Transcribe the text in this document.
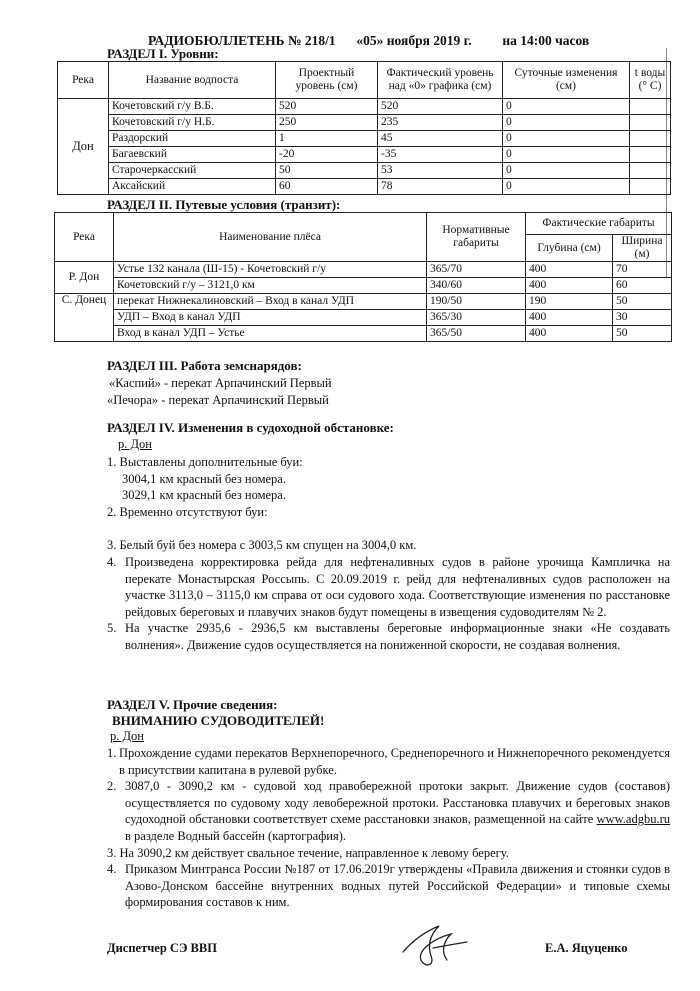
РАДИОБЮЛЛЕТЕНЬ № 218/1 «05» ноября 2019 г. на 14:00 часов
РАЗДЕЛ I. Уровни:
Река	Название водпоста	Проектный уровень (см)	Фактический уровень над «0» графика (см)	Суточные изменения (см)	t воды (° C)
Дон	Кочетовский г/у В.Б.	520	520	0	
	Кочетовский г/у Н.Б.	250	235	0	
	Раздорский	1	45	0	
	Багаевский	-20	-35	0	
	Старочеркасский	50	53	0	
	Аксайский	60	78	0	
РАЗДЕЛ II. Путевые условия (транзит):
Река	Наименование плёса	Нормативные габариты	Фактические габариты	
			Глубина (см)	Ширина (м)
Р. Дон	Устье 132 канала (Ш-15) - Кочетовский г/у	365/70	400	70
	Кочетовский г/у – 3121,0 км	340/60	400	60
С. Донец	перекат Нижнекалиновский – Вход в канал УДП	190/50	190	50
	УДП – Вход в канал УДП	365/30	400	30
	Вход в канал УДП – Устье	365/50	400	50
РАЗДЕЛ III. Работа земснарядов:
«Каспий» - перекат Арпачинский Первый
«Печора» - перекат Арпачинский Первый
РАЗДЕЛ IV. Изменения в судоходной обстановке:
р. Дон
1. Выставлены дополнительные буи:
3004,1 км красный без номера.
3029,1 км красный без номера.
2. Временно отсутствуют буи:
3. Белый буй без номера с 3003,5 км спущен на 3004,0 км.
4. Произведена корректировка рейда для нефтеналивных судов в районе урочища Кампличка на перекате Монастырская Россыпь. С 20.09.2019 г. рейд для нефтеналивных судов расположен на участке 3113,0 – 3115,0 км справа от оси судового хода. Соответствующие изменения по расстановке рейдовых береговых и плавучих знаков будут помещены в извещения судоводителям № 2.
5. На участке 2935,6 - 2936,5 км выставлены береговые информационные знаки «Не создавать волнения». Движение судов осуществляется на пониженной скорости, не создавая волнения.
РАЗДЕЛ V. Прочие сведения:
ВНИМАНИЮ СУДОВОДИТЕЛЕЙ!
р. Дон
1. Прохождение судами перекатов Верхнепоречного, Среднепоречного и Нижнепоречного рекомендуется в присутствии капитана в рулевой рубке.
2. 3087,0 - 3090,2 км - судовой ход правобережной протоки закрыт. Движение судов (составов) осуществляется по судовому ходу левобережной протоки. Расстановка плавучих и береговых знаков судоходной обстановки соответствует схеме расстановки знаков, размещенной на сайте www.adgbu.ru в разделе Водный бассейн (картография).
3. На 3090,2 км действует свальное течение, направленное к левому берегу.
4. Приказом Минтранса России №187 от 17.06.2019г утверждены «Правила движения и стоянки судов в Азово-Донском бассейне внутренних водных путей Российской Федерации» и типовые схемы формирования составов к ним.
Диспетчер СЭ ВВП	Е.А. Яцуценко
